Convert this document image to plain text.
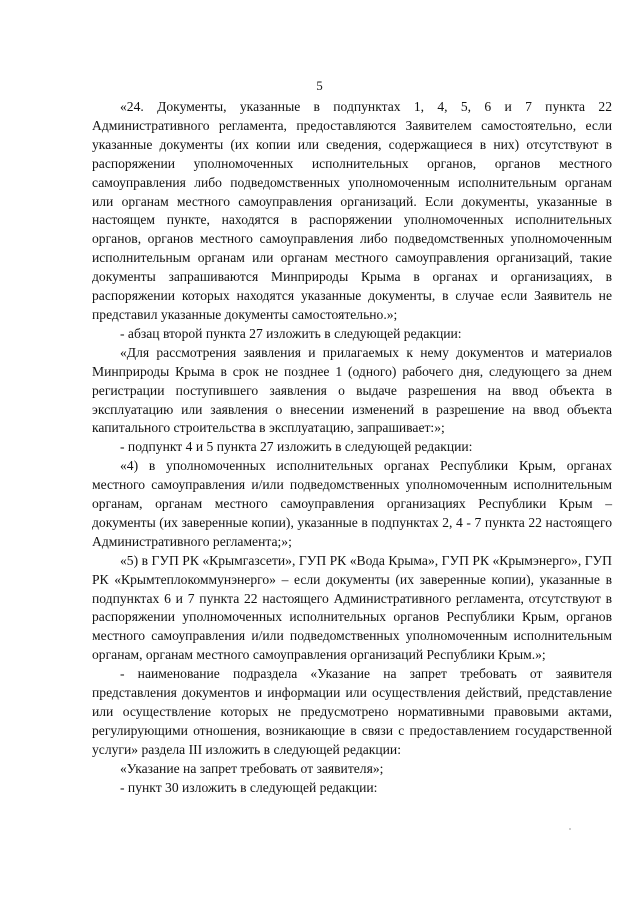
5

«24. Документы, указанные в подпунктах 1, 4, 5, 6 и 7 пункта 22 Административного регламента, предоставляются Заявителем самостоятельно, если указанные документы (их копии или сведения, содержащиеся в них) отсутствуют в распоряжении уполномоченных исполнительных органов, органов местного самоуправления либо подведомственных уполномоченным исполнительным органам или органам местного самоуправления организаций. Если документы, указанные в настоящем пункте, находятся в распоряжении уполномоченных исполнительных органов, органов местного самоуправления либо подведомственных уполномоченным исполнительным органам или органам местного самоуправления организаций, такие документы запрашиваются Минприроды Крыма в органах и организациях, в распоряжении которых находятся указанные документы, в случае если Заявитель не представил указанные документы самостоятельно.»;

- абзац второй пункта 27 изложить в следующей редакции:

«Для рассмотрения заявления и прилагаемых к нему документов и материалов Минприроды Крыма в срок не позднее 1 (одного) рабочего дня, следующего за днем регистрации поступившего заявления о выдаче разрешения на ввод объекта в эксплуатацию или заявления о внесении изменений в разрешение на ввод объекта капитального строительства в эксплуатацию, запрашивает:»;

- подпункт 4 и 5 пункта 27 изложить в следующей редакции:

«4) в уполномоченных исполнительных органах Республики Крым, органах местного самоуправления и/или подведомственных уполномоченным исполнительным органам, органам местного самоуправления организациях Республики Крым – документы (их заверенные копии), указанные в подпунктах 2, 4 - 7 пункта 22 настоящего Административного регламента;»;

«5) в ГУП РК «Крымгазсети», ГУП РК «Вода Крыма», ГУП РК «Крымэнерго», ГУП РК «Крымтеплокоммунэнерго» – если документы (их заверенные копии), указанные в подпунктах 6 и 7 пункта 22 настоящего Административного регламента, отсутствуют в распоряжении уполномоченных исполнительных органов Республики Крым, органов местного самоуправления и/или подведомственных уполномоченным исполнительным органам, органам местного самоуправления организаций Республики Крым.»;

- наименование подраздела «Указание на запрет требовать от заявителя представления документов и информации или осуществления действий, представление или осуществление которых не предусмотрено нормативными правовыми актами, регулирующими отношения, возникающие в связи с предоставлением государственной услуги» раздела III изложить в следующей редакции:

«Указание на запрет требовать от заявителя»;

- пункт 30 изложить в следующей редакции:
